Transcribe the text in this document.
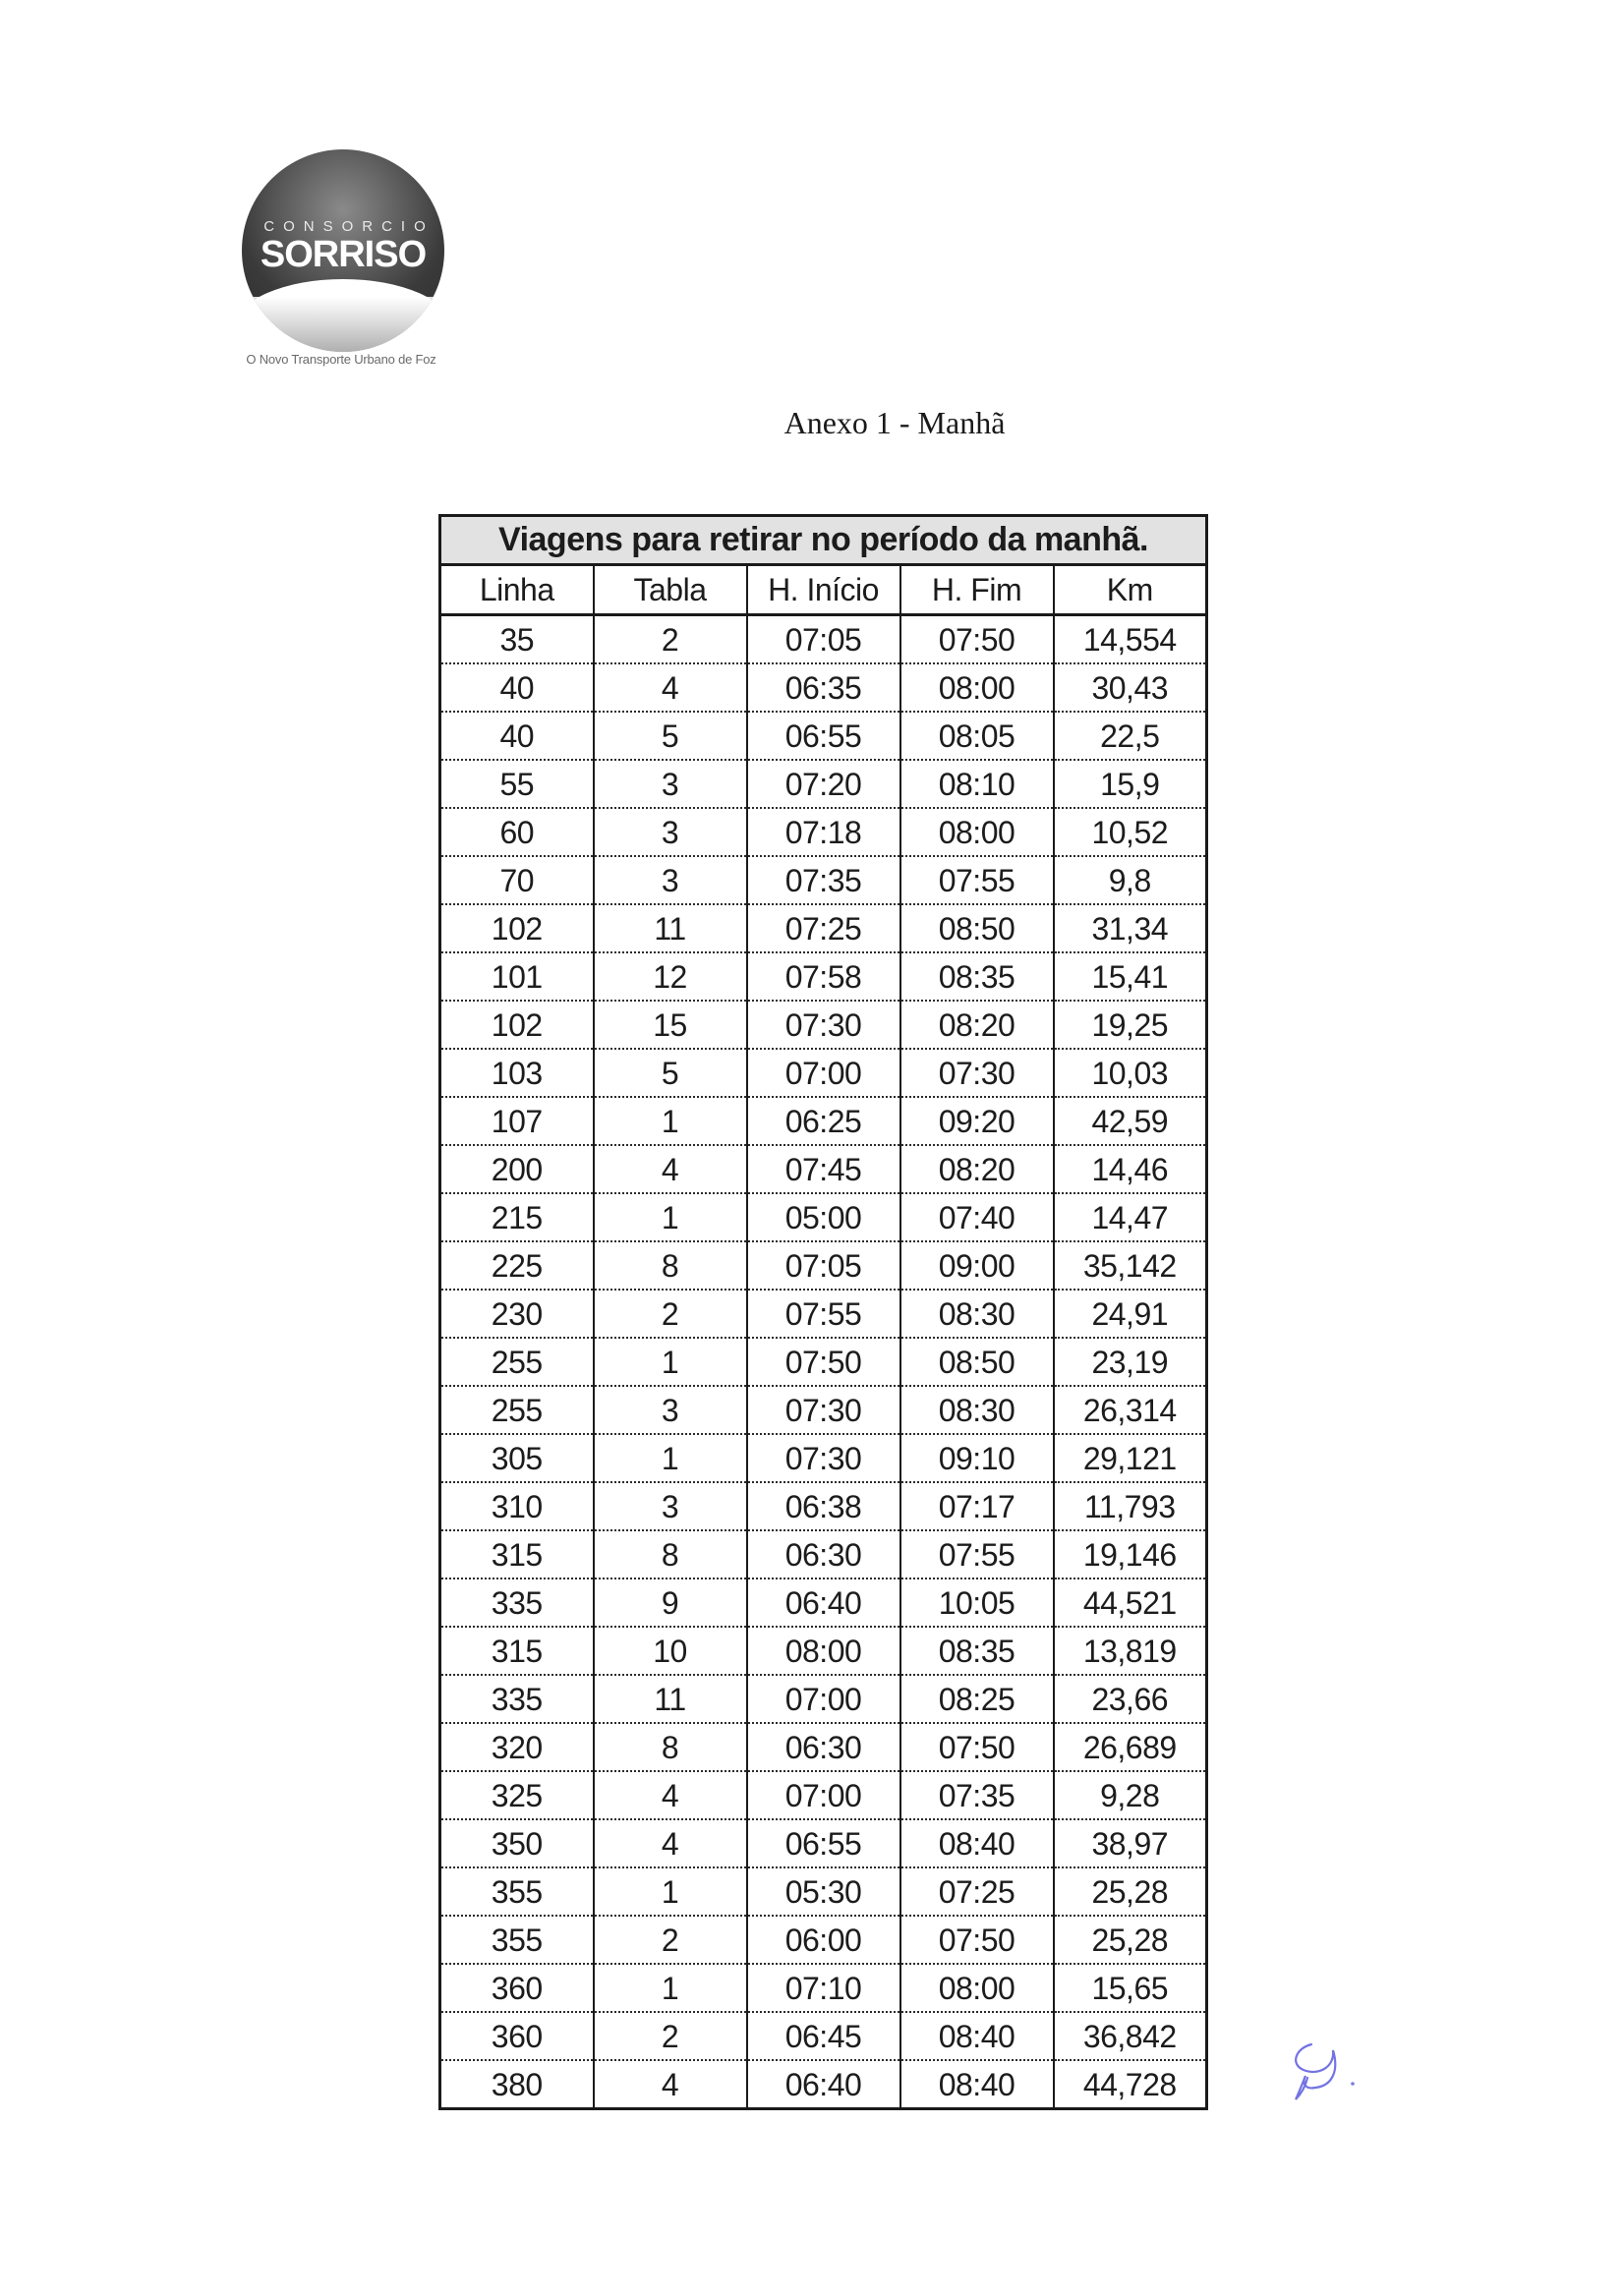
CONSORCIO
SORRISO
O Novo Transporte Urbano de Foz
Anexo 1 - Manhã
Viagens para retirar no período da manhã.				
Linha	Tabla	H. Início	H. Fim	Km
35	2	07:05	07:50	14,554
40	4	06:35	08:00	30,43
40	5	06:55	08:05	22,5
55	3	07:20	08:10	15,9
60	3	07:18	08:00	10,52
70	3	07:35	07:55	9,8
102	11	07:25	08:50	31,34
101	12	07:58	08:35	15,41
102	15	07:30	08:20	19,25
103	5	07:00	07:30	10,03
107	1	06:25	09:20	42,59
200	4	07:45	08:20	14,46
215	1	05:00	07:40	14,47
225	8	07:05	09:00	35,142
230	2	07:55	08:30	24,91
255	1	07:50	08:50	23,19
255	3	07:30	08:30	26,314
305	1	07:30	09:10	29,121
310	3	06:38	07:17	11,793
315	8	06:30	07:55	19,146
335	9	06:40	10:05	44,521
315	10	08:00	08:35	13,819
335	11	07:00	08:25	23,66
320	8	06:30	07:50	26,689
325	4	07:00	07:35	9,28
350	4	06:55	08:40	38,97
355	1	05:30	07:25	25,28
355	2	06:00	07:50	25,28
360	1	07:10	08:00	15,65
360	2	06:45	08:40	36,842
380	4	06:40	08:40	44,728
